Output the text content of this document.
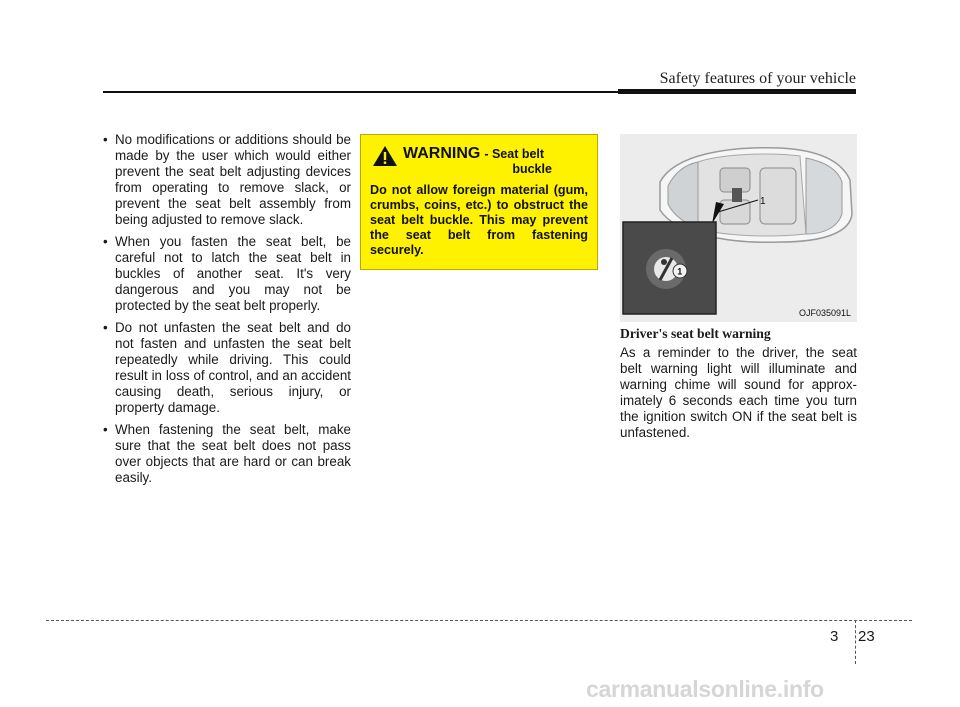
Safety features of your vehicle
• No modifications or additions should be made by the user which would either prevent the seat belt adjusting devices from operating to remove slack, or prevent the seat belt assembly from being adjusted to remove slack.
• When you fasten the seat belt, be careful not to latch the seat belt in buckles of another seat. It's very dangerous and you may not be protected by the seat belt properly.
• Do not unfasten the seat belt and do not fasten and unfasten the seat belt repeatedly while driving. This could result in loss of control, and an accident causing death, serious injury, or property damage.
• When fastening the seat belt, make sure that the seat belt does not pass over objects that are hard or can break easily.
WARNING - Seat belt
buckle
Do not allow foreign material (gum, crumbs, coins, etc.) to obstruct the seat belt buckle. This may prevent the seat belt from fastening securely.
1
1
OJF035091L
Driver's seat belt warning

As a reminder to the driver, the seat belt warning light will illuminate and warning chime will sound for approx-imately 6 seconds each time you turn the ignition switch ON if the seat belt is unfastened.

3 23
carmanualsonline.info
